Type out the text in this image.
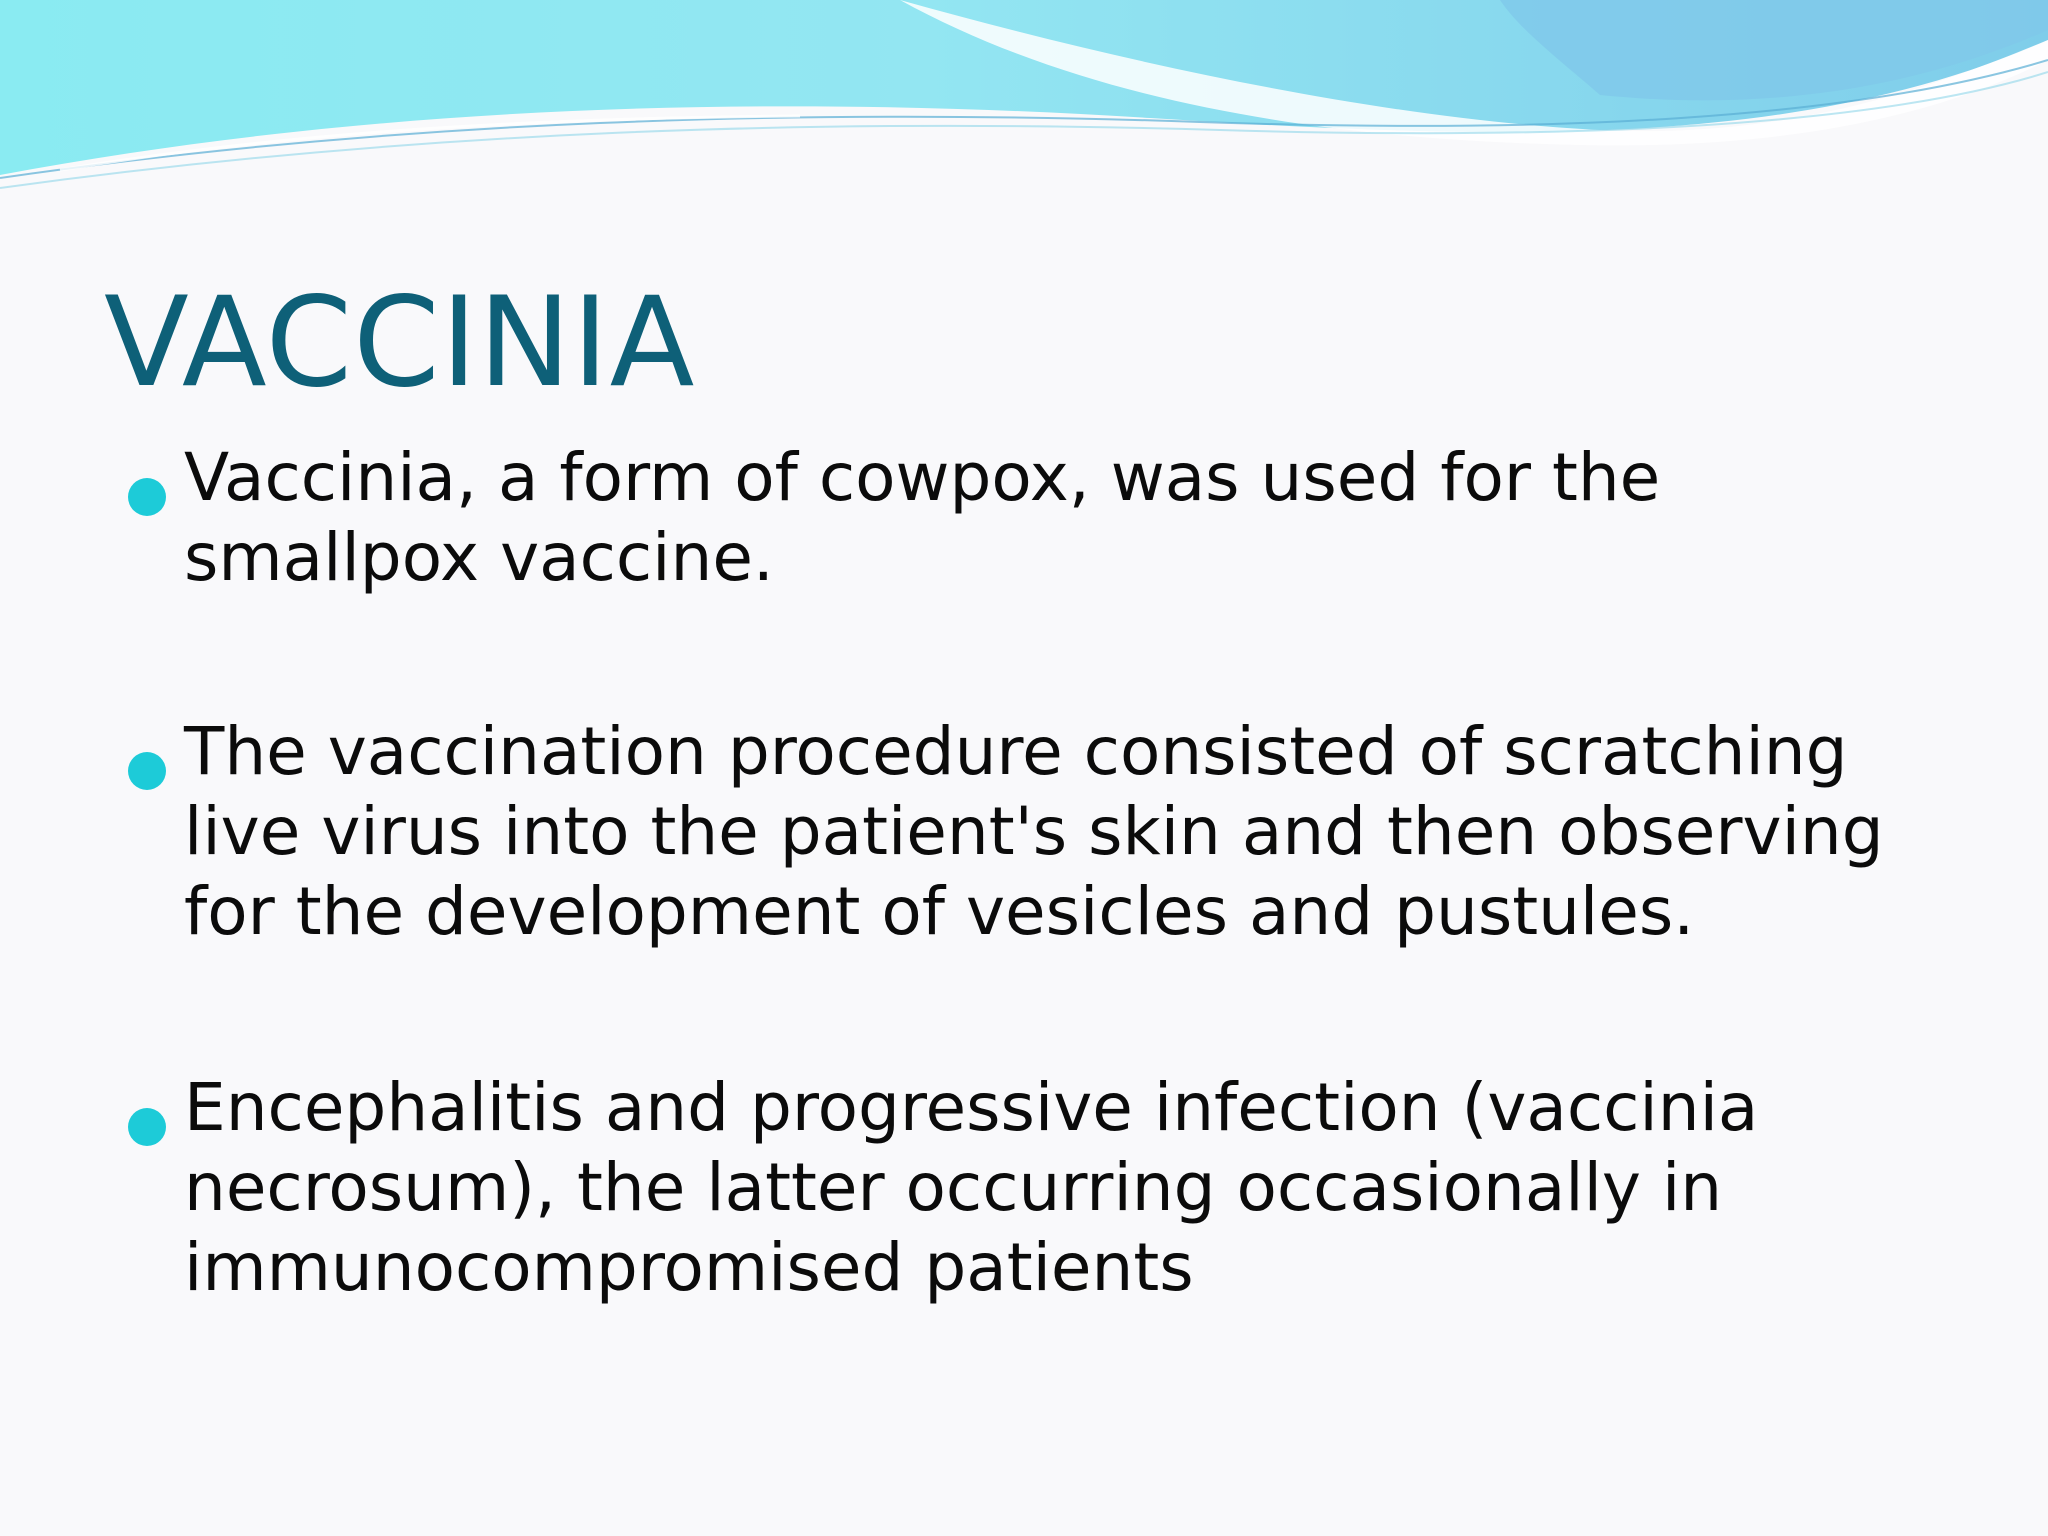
VACCINIA

Vaccinia, a form of cowpox, was used for the
smallpox vaccine.

The vaccination procedure consisted of scratching
live virus into the patient's skin and then observing
for the development of vesicles and pustules.

Encephalitis and progressive infection (vaccinia
necrosum), the latter occurring occasionally in
immunocompromised patients
